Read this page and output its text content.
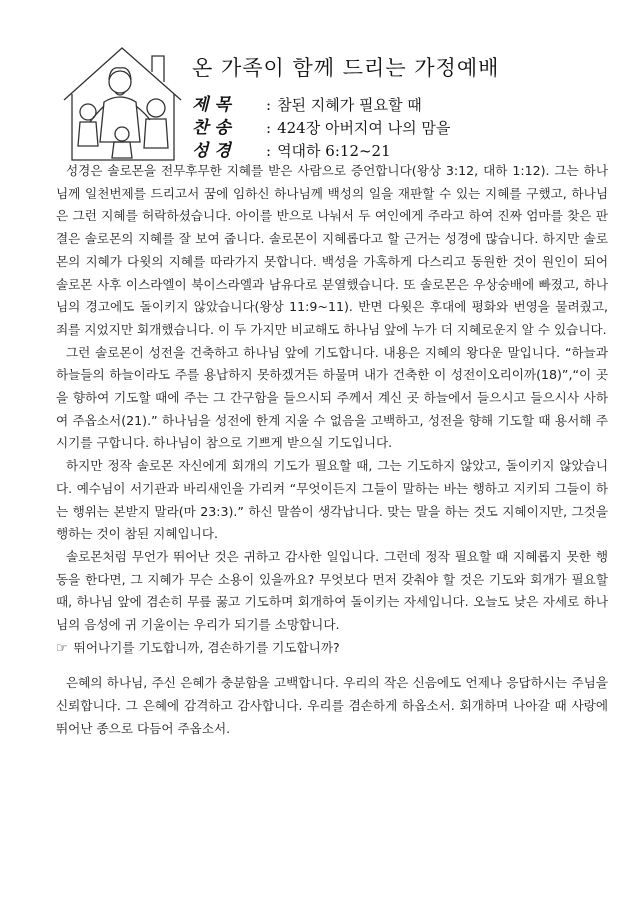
온 가족이 함께 드리는 가정예배
제 목 : 참된 지혜가 필요할 때
찬 송 : 424장 아버지여 나의 맘을
성 경 : 역대하 6:12~21

성경은 솔로몬을 전무후무한 지혜를 받은 사람으로 증언합니다(왕상 3:12, 대하 1:12). 그는 하나님께 일천번제를 드리고서 꿈에 임하신 하나님께 백성의 일을 재판할 수 있는 지혜를 구했고, 하나님은 그런 지혜를 허락하셨습니다. 아이를 반으로 나눠서 두 여인에게 주라고 하여 진짜 엄마를 찾은 판결은 솔로몬의 지혜를 잘 보여 줍니다. 솔로몬이 지혜롭다고 할 근거는 성경에 많습니다. 하지만 솔로몬의 지혜가 다윗의 지혜를 따라가지 못합니다. 백성을 가혹하게 다스리고 동원한 것이 원인이 되어 솔로몬 사후 이스라엘이 북이스라엘과 남유다로 분열했습니다. 또 솔로몬은 우상숭배에 빠졌고, 하나님의 경고에도 돌이키지 않았습니다(왕상 11:9~11). 반면 다윗은 후대에 평화와 번영을 물려줬고, 죄를 지었지만 회개했습니다. 이 두 가지만 비교해도 하나님 앞에 누가 더 지혜로운지 알 수 있습니다.

그런 솔로몬이 성전을 건축하고 하나님 앞에 기도합니다. 내용은 지혜의 왕다운 말입니다. “하늘과 하늘들의 하늘이라도 주를 용납하지 못하겠거든 하물며 내가 건축한 이 성전이오리이까(18)”,“이 곳을 향하여 기도할 때에 주는 그 간구함을 들으시되 주께서 계신 곳 하늘에서 들으시고 들으시사 사하여 주옵소서(21).” 하나님을 성전에 한계 지울 수 없음을 고백하고, 성전을 향해 기도할 때 용서해 주시기를 구합니다. 하나님이 참으로 기쁘게 받으실 기도입니다.

하지만 정작 솔로몬 자신에게 회개의 기도가 필요할 때, 그는 기도하지 않았고, 돌이키지 않았습니다. 예수님이 서기관과 바리새인을 가리켜 “무엇이든지 그들이 말하는 바는 행하고 지키되 그들이 하는 행위는 본받지 말라(마 23:3).” 하신 말씀이 생각납니다. 맞는 말을 하는 것도 지혜이지만, 그것을 행하는 것이 참된 지혜입니다.

솔로몬처럼 무언가 뛰어난 것은 귀하고 감사한 일입니다. 그런데 정작 필요할 때 지혜롭지 못한 행동을 한다면, 그 지혜가 무슨 소용이 있을까요? 무엇보다 먼저 갖춰야 할 것은 기도와 회개가 필요할 때, 하나님 앞에 겸손히 무릎 꿇고 기도하며 회개하여 돌이키는 자세입니다. 오늘도 낮은 자세로 하나님의 음성에 귀 기울이는 우리가 되기를 소망합니다.

☞ 뛰어나기를 기도합니까, 겸손하기를 기도합니까?

은혜의 하나님, 주신 은혜가 충분함을 고백합니다. 우리의 작은 신음에도 언제나 응답하시는 주님을 신뢰합니다. 그 은혜에 감격하고 감사합니다. 우리를 겸손하게 하옵소서. 회개하며 나아갈 때 사랑에 뛰어난 종으로 다듬어 주옵소서.
